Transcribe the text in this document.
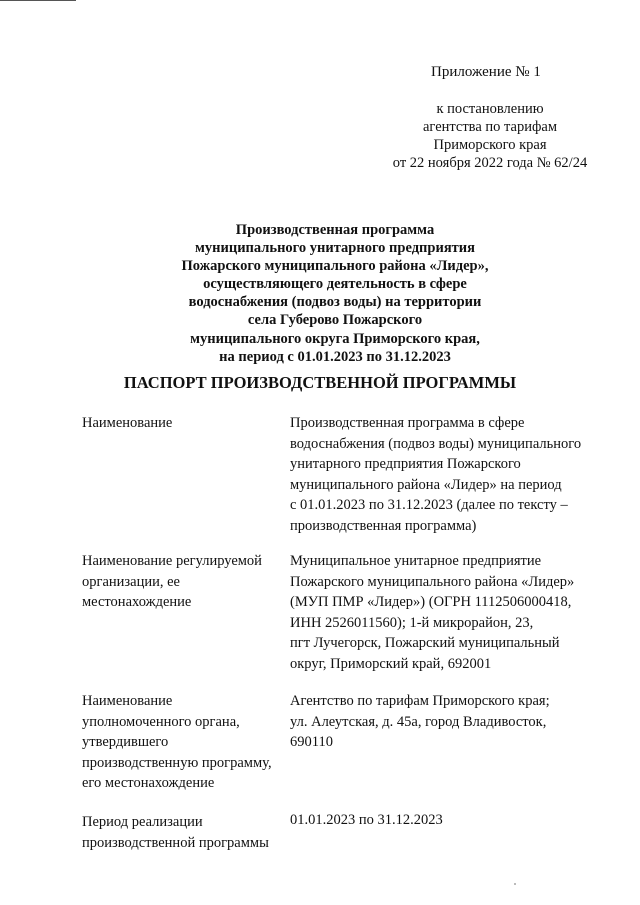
Приложение № 1
к постановлению
агентства по тарифам
Приморского края
от 22 ноября 2022 года № 62/24
Производственная программа
муниципального унитарного предприятия
Пожарского муниципального района «Лидер»,
осуществляющего деятельность в сфере
водоснабжения (подвоз воды) на территории
села Губерово Пожарского
муниципального округа Приморского края,
на период с 01.01.2023 по 31.12.2023
ПАСПОРТ ПРОИЗВОДСТВЕННОЙ ПРОГРАММЫ
Наименование	Производственная программа в сфере
водоснабжения (подвоз воды) муниципального
унитарного предприятия Пожарского
муниципального района «Лидер» на период
с 01.01.2023 по 31.12.2023 (далее по тексту –
производственная программа)
Наименование регулируемой
организации, ее
местонахождение
Муниципальное унитарное предприятие
Пожарского муниципального района «Лидер»
(МУП ПМР «Лидер») (ОГРН 1112506000418,
ИНН 2526011560); 1-й микрорайон, 23,
пгт Лучегорск, Пожарский муниципальный
округ, Приморский край, 692001
Наименование
уполномоченного органа,
утвердившего
производственную программу,
его местонахождение
Агентство по тарифам Приморского края;
ул. Алеутская, д. 45а, город Владивосток,
690110
Период реализации
производственной программы
01.01.2023 по 31.12.2023
